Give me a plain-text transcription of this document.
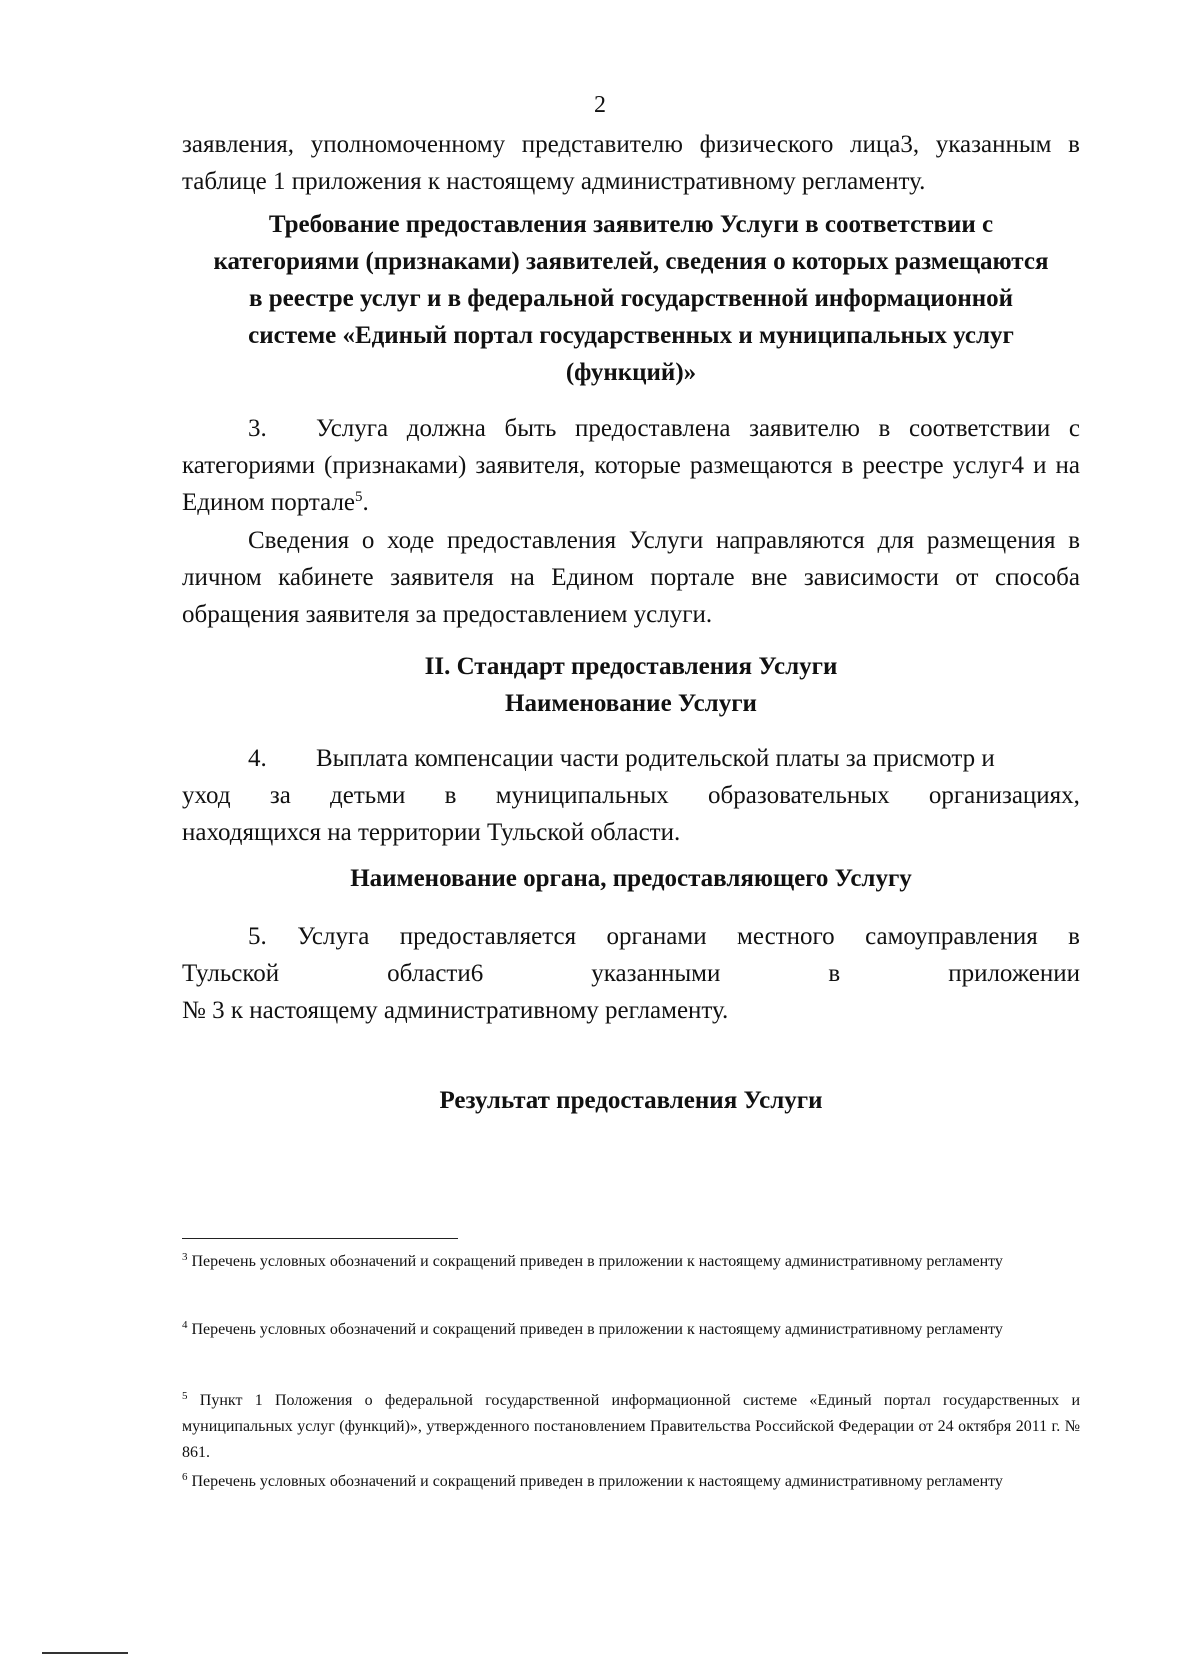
2

заявления, уполномоченному представителю физического лица3, указанным в таблице 1 приложения к настоящему административному регламенту.

Требование предоставления заявителю Услуги в соответствии с категориями (признаками) заявителей, сведения о которых размещаются в реестре услуг и в федеральной государственной информационной системе «Единый портал государственных и муниципальных услуг (функций)»

3. Услуга должна быть предоставлена заявителю в соответствии с категориями (признаками) заявителя, которые размещаются в реестре услуг4 и на Едином портале$^5$.

Сведения о ходе предоставления Услуги направляются для размещения в личном кабинете заявителя на Едином портале вне зависимости от способа обращения заявителя за предоставлением услуги.

II. Стандарт предоставления Услуги

Наименование Услуги

4. Выплата компенсации части родительской платы за присмотр и

уход за детьми в муниципальных образовательных организациях,

находящихся на территории Тульской области.

Наименование органа, предоставляющего Услугу

5. Услуга предоставляется органами местного самоуправления в
Тульской	области6	указанными	в	приложении

№ 3 к настоящему административному регламенту.

Результат предоставления Услуги

$^3$ Перечень условных обозначений и сокращений приведен в приложении к настоящему административному регламенту
$^4$ Перечень условных обозначений и сокращений приведен в приложении к настоящему административному регламенту
$^5$ Пункт 1 Положения о федеральной государственной информационной системе «Единый портал государственных и муниципальных услуг (функций)», утвержденного постановлением Правительства Российской Федерации от 24 октября 2011 г. № 861.
$^6$ Перечень условных обозначений и сокращений приведен в приложении к настоящему административному регламенту
